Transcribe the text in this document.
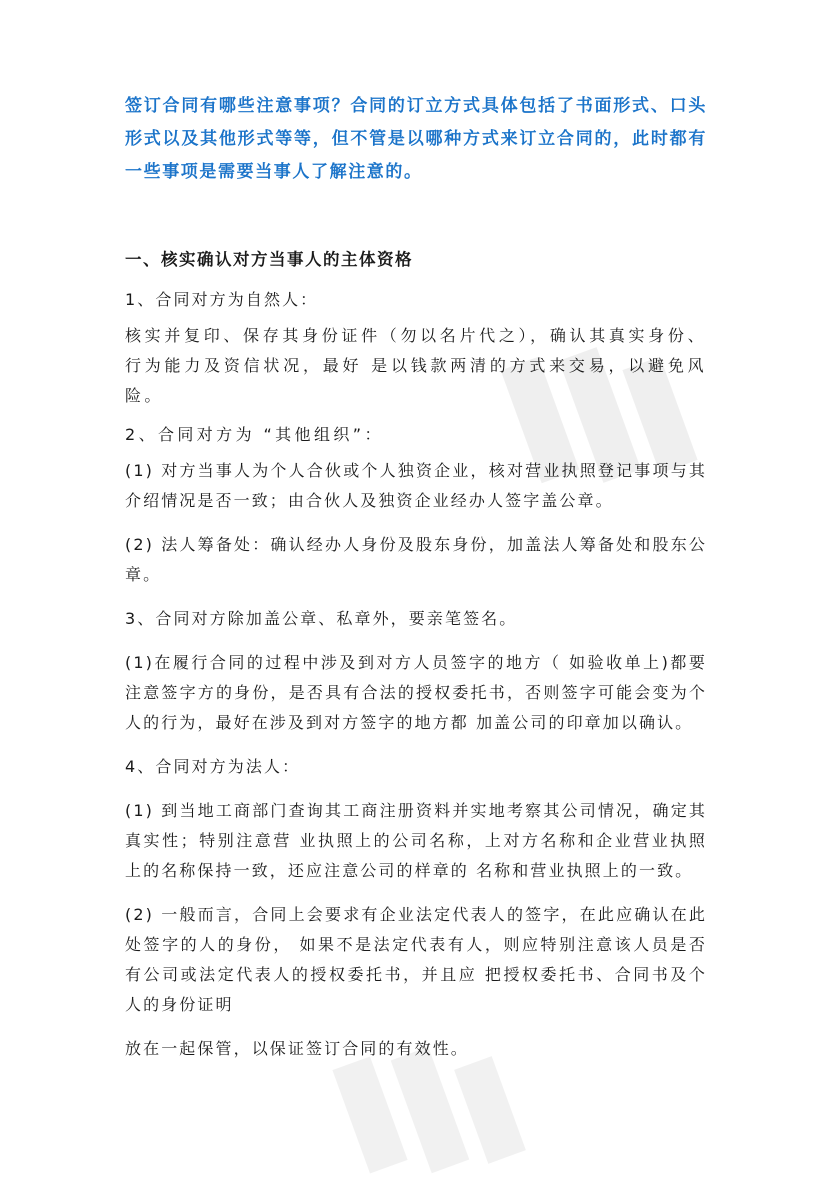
签订合同有哪些注意事项？合同的订立方式具体包括了书面形式、口头形式以及其他形式等等，但不管是以哪种方式来订立合同的，此时都有一些事项是需要当事人了解注意的。

一、核实确认对方当事人的主体资格

1、合同对方为自然人：

核实并复印、保存其身份证件（勿以名片代之），确认其真实身份、行为能力及资信状况，最好 是以钱款两清的方式来交易，以避免风险。

2、合同对方为 “其他组织”：

(1) 对方当事人为个人合伙或个人独资企业，核对营业执照登记事项与其介绍情况是否一致；由合伙人及独资企业经办人签字盖公章。

(2) 法人筹备处：确认经办人身份及股东身份，加盖法人筹备处和股东公章。

3、合同对方除加盖公章、私章外，要亲笔签名。

(1)在履行合同的过程中涉及到对方人员签字的地方（ 如验收单上)都要注意签字方的身份，是否具有合法的授权委托书，否则签字可能会变为个人的行为，最好在涉及到对方签字的地方都 加盖公司的印章加以确认。

4、合同对方为法人：

(1) 到当地工商部门查询其工商注册资料并实地考察其公司情况，确定其真实性；特别注意营 业执照上的公司名称，上对方名称和企业营业执照上的名称保持一致，还应注意公司的样章的 名称和营业执照上的一致。

(2) 一般而言，合同上会要求有企业法定代表人的签字，在此应确认在此处签字的人的身份， 如果不是法定代表有人，则应特别注意该人员是否有公司或法定代表人的授权委托书，并且应 把授权委托书、合同书及个人的身份证明

放在一起保管，以保证签订合同的有效性。
